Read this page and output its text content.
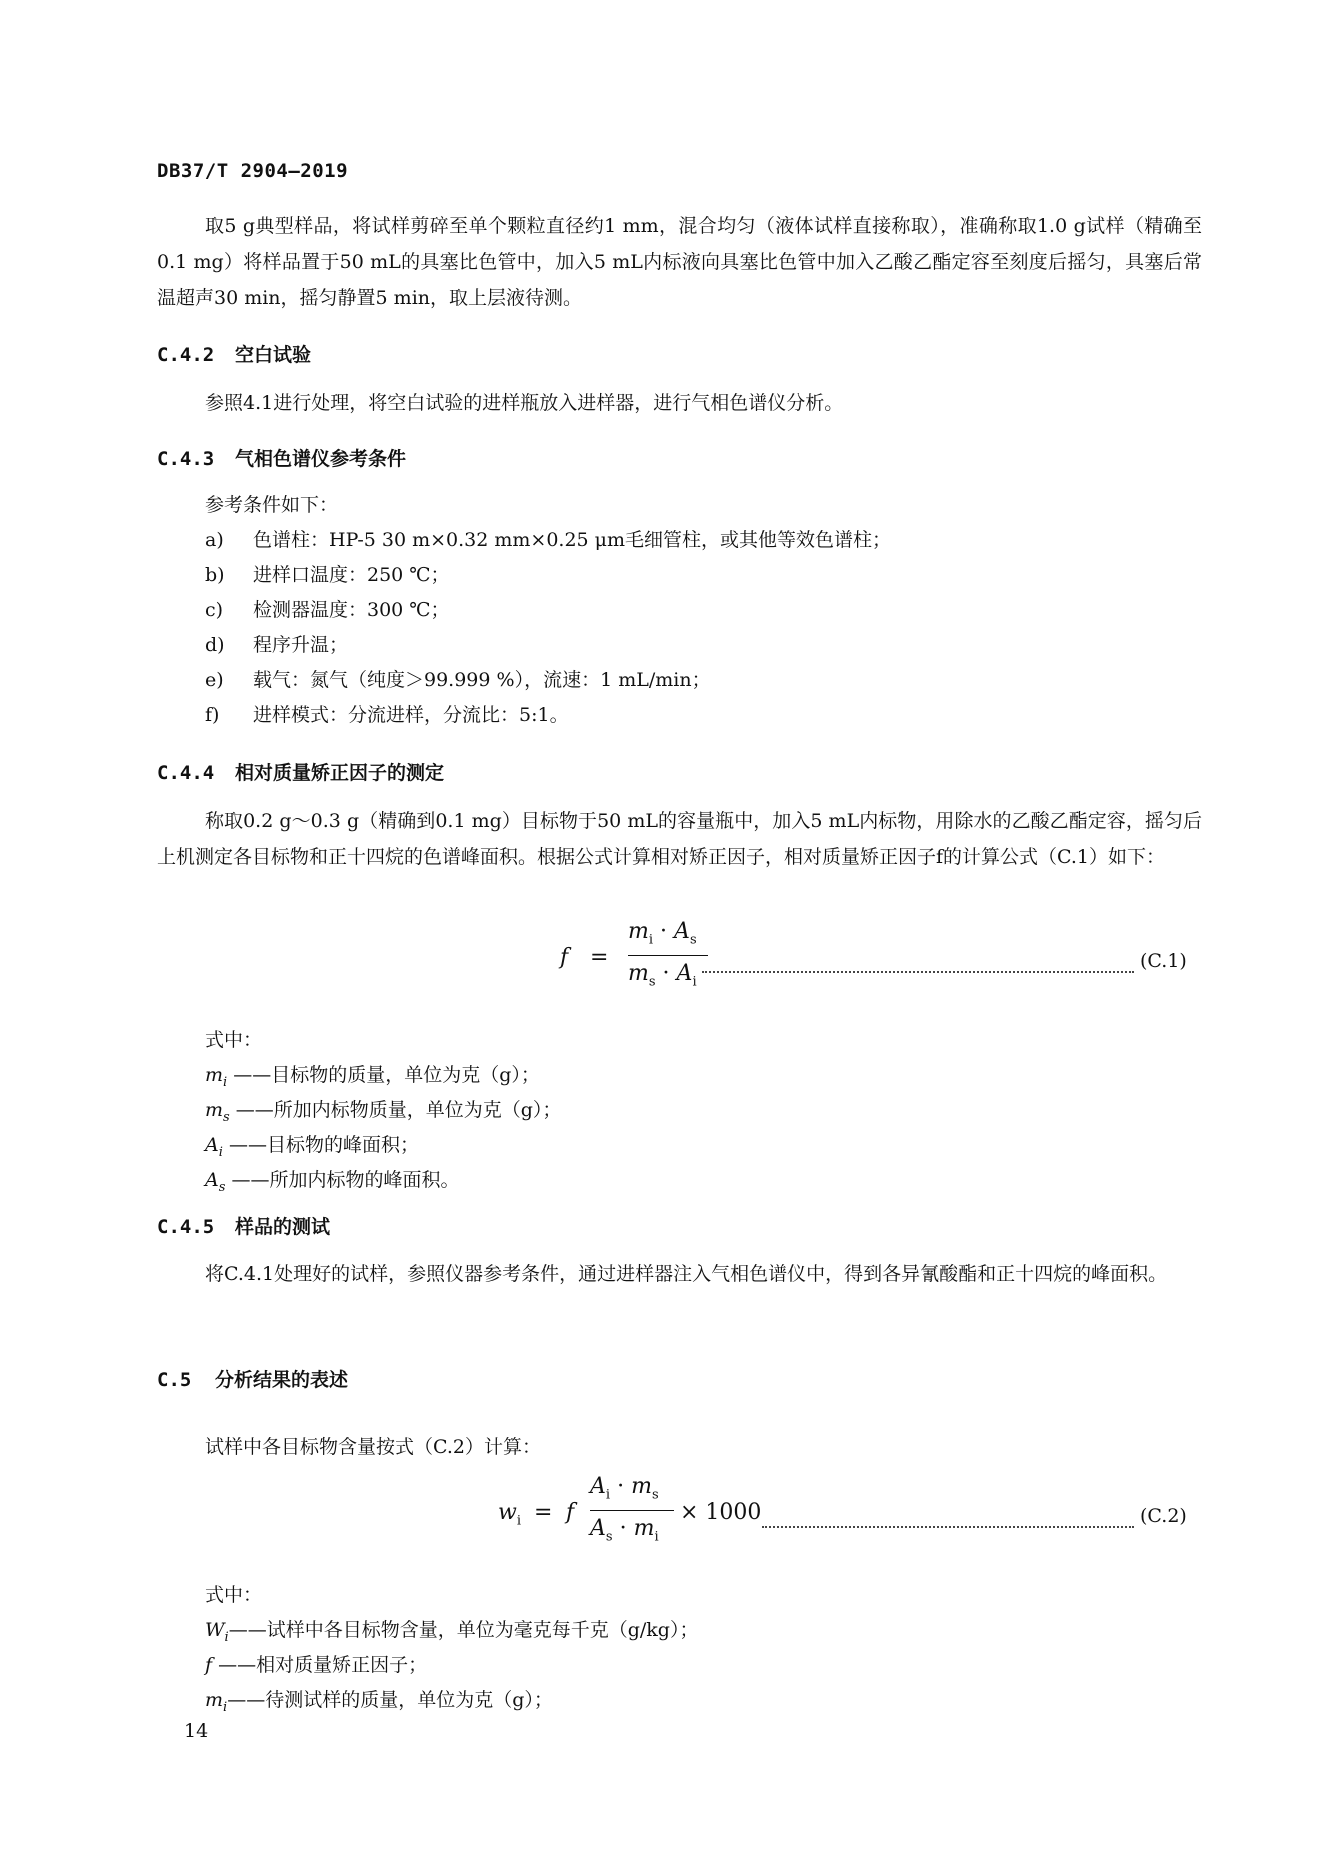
DB37/T 2904—2019

取5 g典型样品，将试样剪碎至单个颗粒直径约1 mm，混合均匀（液体试样直接称取），准确称取1.0 g试样（精确至0.1 mg）将样品置于50 mL的具塞比色管中，加入5 mL内标液向具塞比色管中加入乙酸乙酯定容至刻度后摇匀，具塞后常温超声30 min，摇匀静置5 min，取上层液待测。

C.4.2 空白试验

参照4.1进行处理，将空白试验的进样瓶放入进样器，进行气相色谱仪分析。

C.4.3 气相色谱仪参考条件
参考条件如下：
a) 色谱柱：HP-5 30 m×0.32 mm×0.25 μm毛细管柱，或其他等效色谱柱；
b) 进样口温度：250 ℃；
c) 检测器温度：300 ℃；
d) 程序升温；
e) 载气：氮气（纯度＞99.999 %），流速：1 mL/min；
f) 进样模式：分流进样，分流比：5:1。
C.4.4 相对质量矫正因子的测定

称取0.2 g～0.3 g（精确到0.1 mg）目标物于50 mL的容量瓶中，加入5 mL内标物，用除水的乙酸乙酯定容，摇匀后上机测定各目标物和正十四烷的色谱峰面积。根据公式计算相对矫正因子，相对质量矫正因子f的计算公式（C.1）如下：

f =
$m_i \cdot A_s$
$m_s \cdot A_i$
(C.1)
式中：
$m_i$ ——目标物的质量，单位为克（g）；
$m_s$ ——所加内标物质量，单位为克（g）；
$A_i$ ——目标物的峰面积；
$A_s$ ——所加内标物的峰面积。
C.4.5 样品的测试

将C.4.1处理好的试样，参照仪器参考条件，通过进样器注入气相色谱仪中，得到各异氰酸酯和正十四烷的峰面积。

C.5 分析结果的表述
试样中各目标物含量按式（C.2）计算：
$w_i = f$
$A_i \cdot m_s$
$A_s \cdot m_i$
× 1000	(C.2)
式中：
$W_i——$试样中各目标物含量，单位为毫克每千克（g/kg）；
f ——相对质量矫正因子；
$m_i——$待测试样的质量，单位为克（g）；
14
